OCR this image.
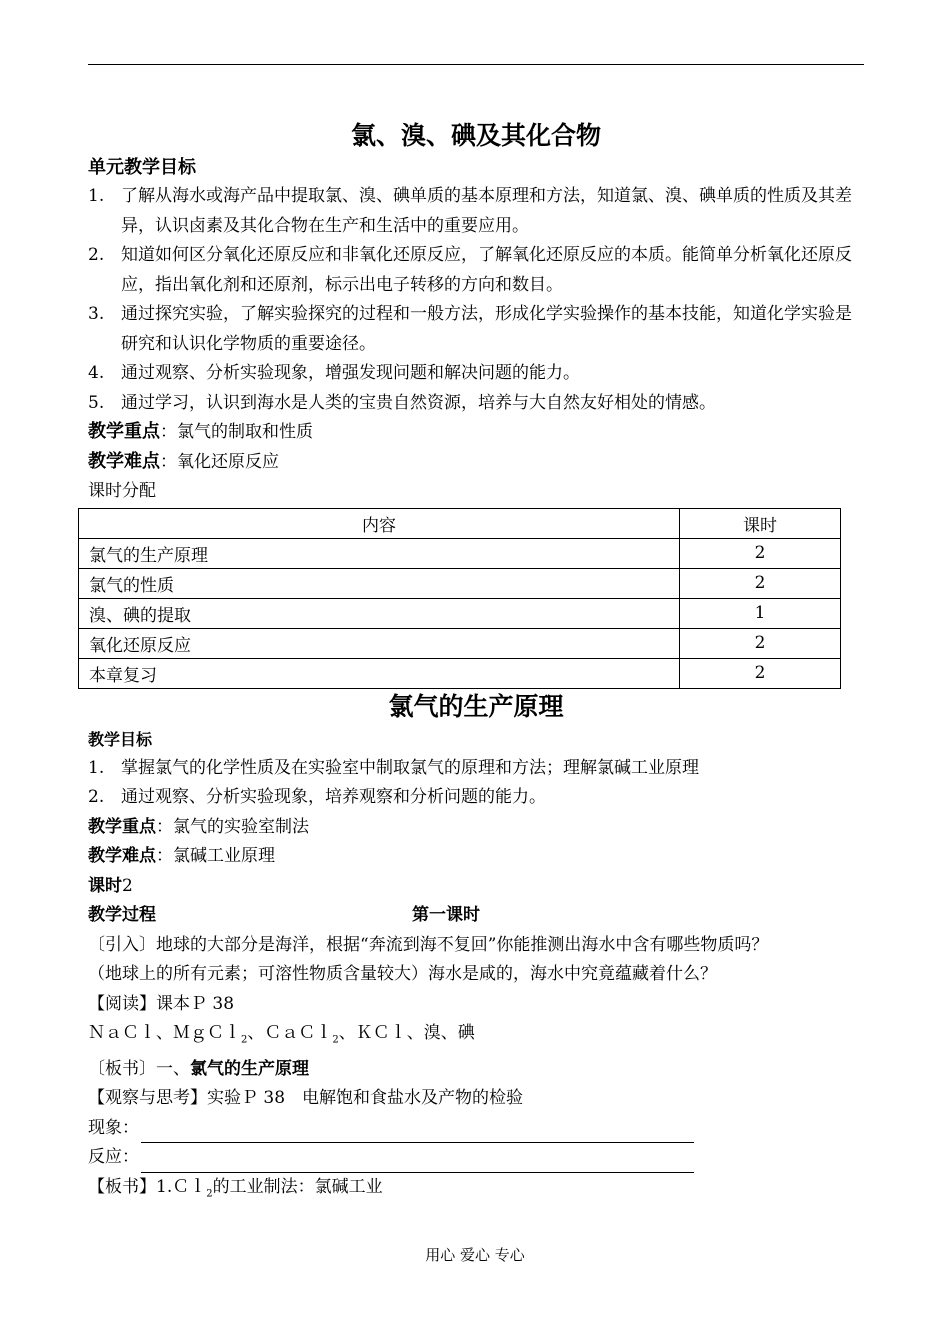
氯、溴、碘及其化合物
单元教学目标
1. 了解从海水或海产品中提取氯、溴、碘单质的基本原理和方法，知道氯、溴、碘单质的性质及其差异，认识卤素及其化合物在生产和生活中的重要应用。
2. 知道如何区分氧化还原反应和非氧化还原反应，了解氧化还原反应的本质。能简单分析氧化还原反应，指出氧化剂和还原剂，标示出电子转移的方向和数目。
3. 通过探究实验，了解实验探究的过程和一般方法，形成化学实验操作的基本技能，知道化学实验是研究和认识化学物质的重要途径。
4. 通过观察、分析实验现象，增强发现问题和解决问题的能力。
5. 通过学习，认识到海水是人类的宝贵自然资源，培养与大自然友好相处的情感。
教学重点：氯气的制取和性质
教学难点：氧化还原反应
课时分配
内容	课时
氯气的生产原理	2
氯气的性质	2
溴、碘的提取	1
氧化还原反应	2
本章复习	2
氯气的生产原理
教学目标
1. 掌握氯气的化学性质及在实验室中制取氯气的原理和方法；理解氯碱工业原理
2. 通过观察、分析实验现象，培养观察和分析问题的能力。
教学重点：氯气的实验室制法
教学难点：氯碱工业原理
课时2
教学过程	第一课时
〔引入〕地球的大部分是海洋，根据“奔流到海不复回”你能推测出海水中含有哪些物质吗？
（地球上的所有元素；可溶性物质含量较大）海水是咸的，海水中究竟蕴藏着什么？
【阅读】课本Ｐ 38
ＮａＣｌ、ＭｇＣｌ$_2$、ＣａＣｌ$_2$、ＫＣｌ、溴、碘
〔板书〕一、氯气的生产原理
【观察与思考】实验Ｐ 38　电解饱和食盐水及产物的检验
现象：
反应：
【板书】1.Ｃｌ$_2$的工业制法：氯碱工业
用心 爱心 专心
